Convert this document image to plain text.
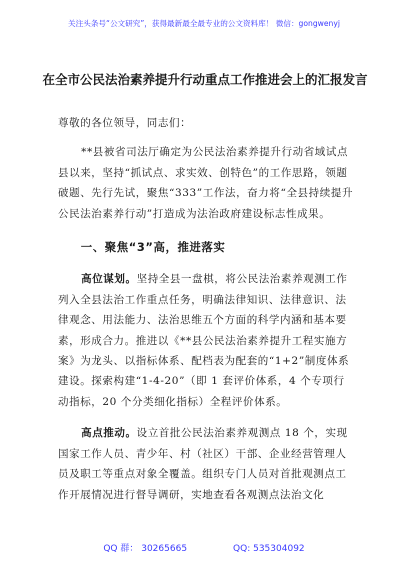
关注头条号“公文研究”，获得最新最全最专业的公文资料库！ 微信：gongwenyj
在全市公民法治素养提升行动重点工作推进会上的汇报发言

尊敬的各位领导，同志们：

**县被省司法厅确定为公民法治素养提升行动省域试点县以来，坚持“抓试点、求实效、创特色”的工作思路，领题破题、先行先试，聚焦“333”工作法，奋力将“全县持续提升公民法治素养行动”打造成为法治政府建设标志性成果。

一、聚焦“3”高，推进落实

高位谋划。坚持全县一盘棋，将公民法治素养观测工作列入全县法治工作重点任务，明确法律知识、法律意识、法律观念、用法能力、法治思维五个方面的科学内涵和基本要素，形成合力。推进以《**县公民法治素养提升工程实施方案》为龙头、以指标体系、配档表为配套的“1+2”制度体系建设。探索构建“1-4-20”（即 1 套评价体系，4 个专项行动指标，20 个分类细化指标）全程评价体系。

高点推动。设立首批公民法治素养观测点 18 个，实现国家工作人员、青少年、村（社区）干部、企业经营管理人员及职工等重点对象全覆盖。组织专门人员对首批观测点工作开展情况进行督导调研，实地查看各观测点法治文化

QQ 群： 30265665	QQ: 535304092
